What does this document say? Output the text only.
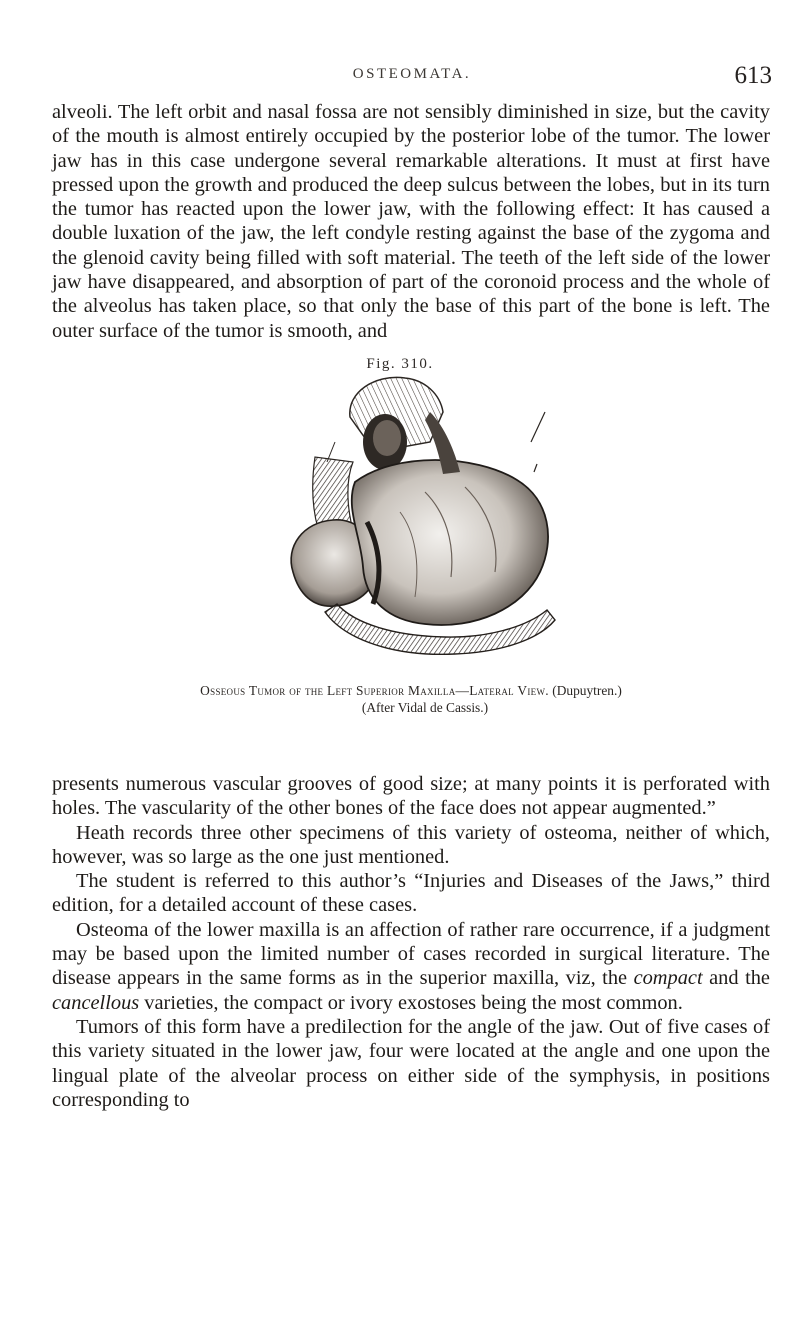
OSTEOMATA.	613

alveoli. The left orbit and nasal fossa are not sensibly diminished in size, but the cavity of the mouth is almost entirely occupied by the posterior lobe of the tumor. The lower jaw has in this case undergone several remarkable alterations. It must at first have pressed upon the growth and produced the deep sulcus between the lobes, but in its turn the tumor has reacted upon the lower jaw, with the following effect: It has caused a double luxation of the jaw, the left condyle resting against the base of the zygoma and the glenoid cavity being filled with soft material. The teeth of the left side of the lower jaw have disappeared, and absorption of part of the coronoid process and the whole of the alveolus has taken place, so that only the base of this part of the bone is left. The outer surface of the tumor is smooth, and

Fig. 310.
Osseous Tumor of the Left Superior Maxilla—Lateral View. (Dupuytren.)
(After Vidal de Cassis.)

presents numerous vascular grooves of good size; at many points it is perforated with holes. The vascularity of the other bones of the face does not appear augmented.”

Heath records three other specimens of this variety of osteoma, neither of which, however, was so large as the one just mentioned.

The student is referred to this author’s “Injuries and Diseases of the Jaws,” third edition, for a detailed account of these cases.

Osteoma of the lower maxilla is an affection of rather rare occurrence, if a judgment may be based upon the limited number of cases recorded in surgical literature. The disease appears in the same forms as in the superior maxilla, viz, the compact and the cancellous varieties, the compact or ivory exostoses being the most common.

Tumors of this form have a predilection for the angle of the jaw. Out of five cases of this variety situated in the lower jaw, four were located at the angle and one upon the lingual plate of the alveolar process on either side of the symphysis, in positions corresponding to
